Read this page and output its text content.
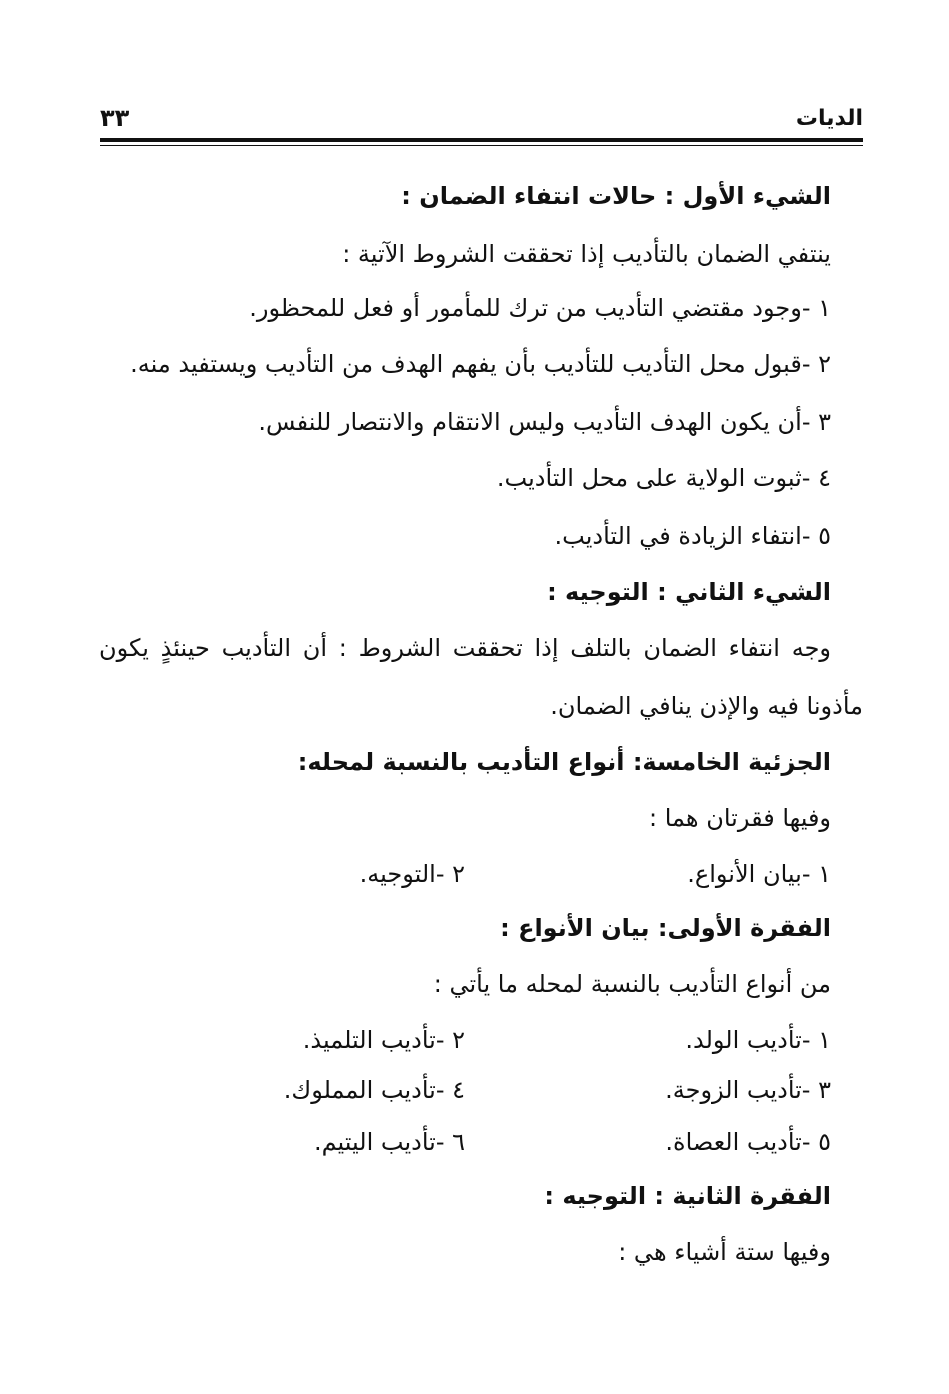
الديات
٣٣
الشيء الأول : حالات انتفاء الضمان :
ينتفي الضمان بالتأديب إذا تحققت الشروط الآتية :
١ -وجود مقتضي التأديب من ترك للمأمور أو فعل للمحظور.
٢ -قبول محل التأديب للتأديب بأن يفهم الهدف من التأديب ويستفيد منه.
٣ -أن يكون الهدف التأديب وليس الانتقام والانتصار للنفس.
٤ -ثبوت الولاية على محل التأديب.
٥ -انتفاء الزيادة في التأديب.
الشيء الثاني : التوجيه :
وجه انتفاء الضمان بالتلف إذا تحققت الشروط : أن التأديب حينئذٍ يكون
مأذونا فيه والإذن ينافي الضمان.
الجزئية الخامسة: أنواع التأديب بالنسبة لمحله:
وفيها فقرتان هما :
١ -بيان الأنواع.
٢ -التوجيه.
الفقرة الأولى: بيان الأنواع :
من أنواع التأديب بالنسبة لمحله ما يأتي :
١ -تأديب الولد.
٢ -تأديب التلميذ.
٣ -تأديب الزوجة.
٤ -تأديب المملوك.
٥ -تأديب العصاة.
٦ -تأديب اليتيم.
الفقرة الثانية : التوجيه :
وفيها ستة أشياء هي :
